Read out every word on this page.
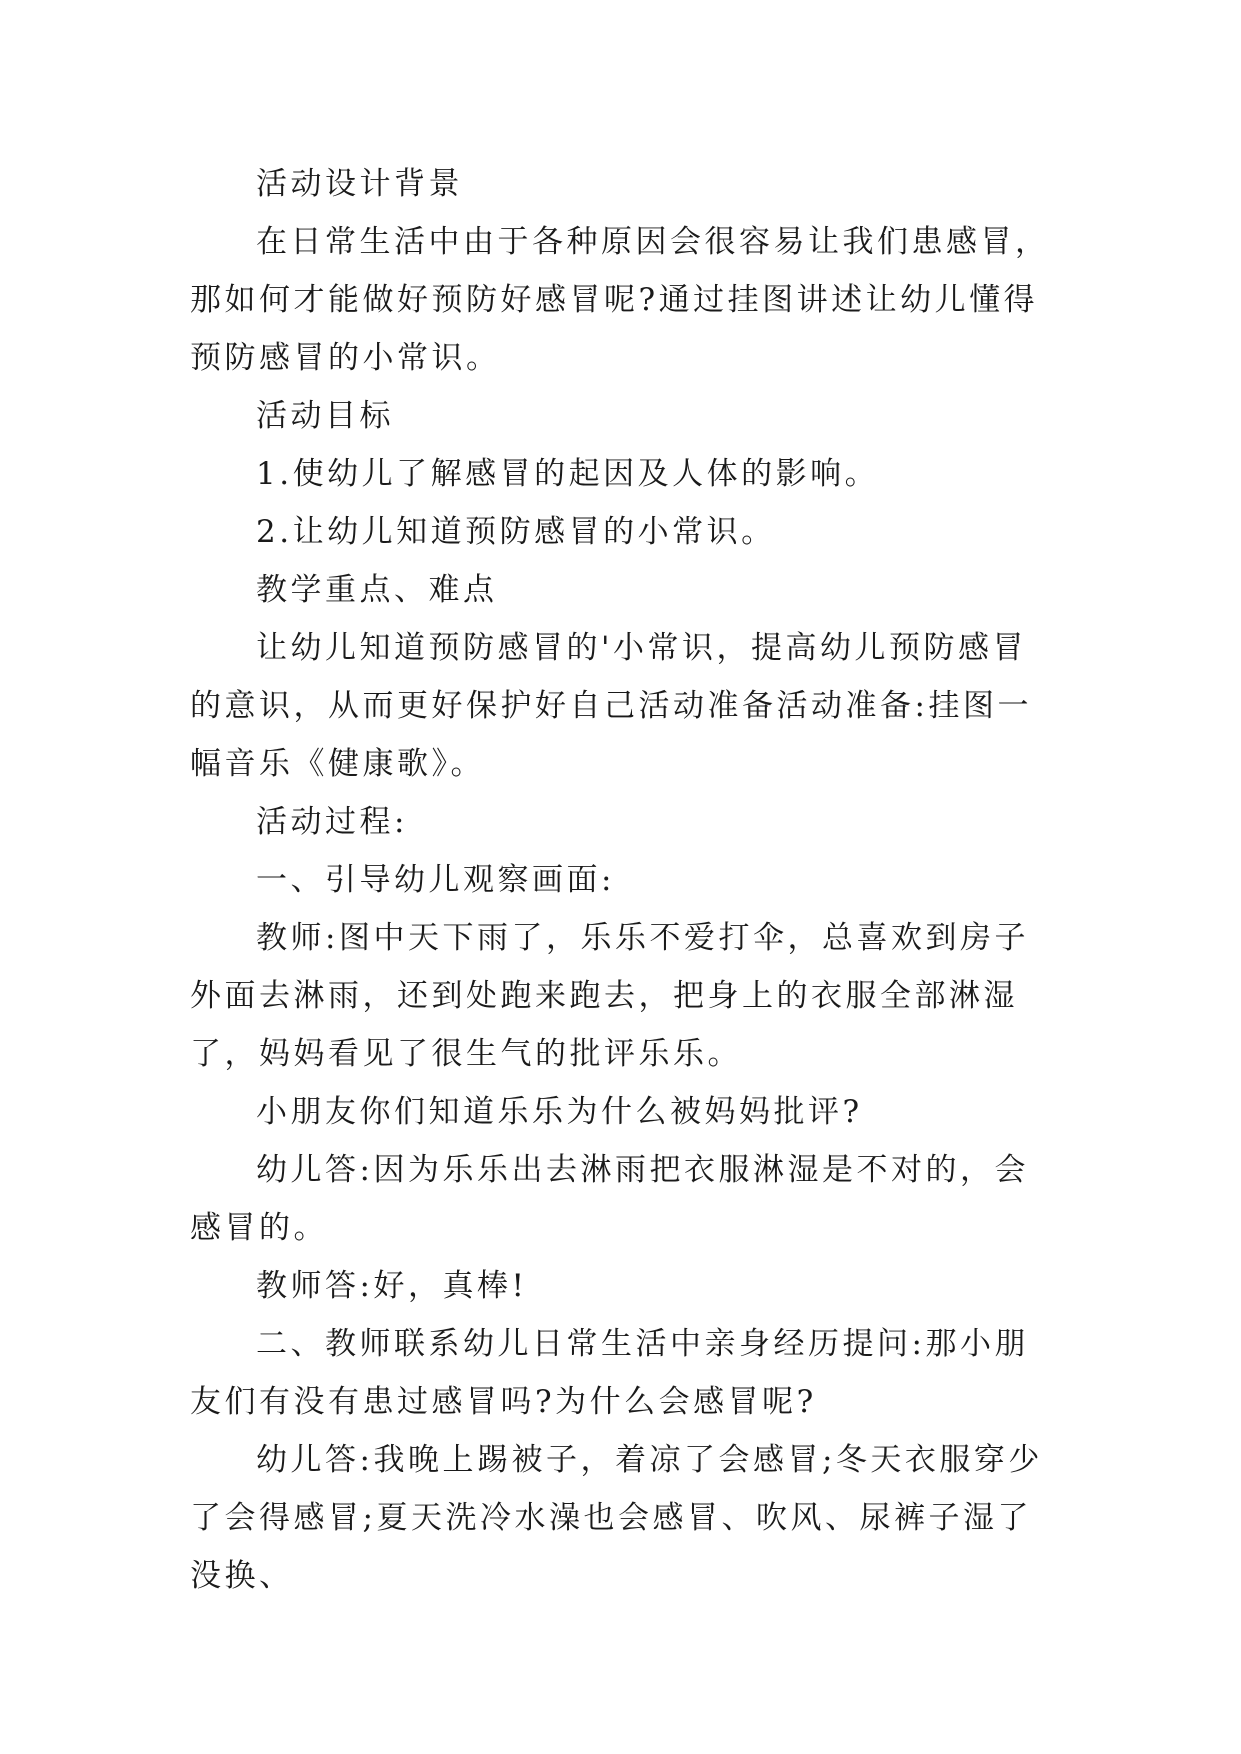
活动设计背景

在日常生活中由于各种原因会很容易让我们患感冒，那如何才能做好预防好感冒呢?通过挂图讲述让幼儿懂得预防感冒的小常识。

活动目标

1.使幼儿了解感冒的起因及人体的影响。

2.让幼儿知道预防感冒的小常识。

教学重点、难点

让幼儿知道预防感冒的'小常识，提高幼儿预防感冒的意识，从而更好保护好自己活动准备活动准备:挂图一幅音乐《健康歌》。

活动过程:

一、引导幼儿观察画面:

教师:图中天下雨了，乐乐不爱打伞，总喜欢到房子外面去淋雨，还到处跑来跑去，把身上的衣服全部淋湿了，妈妈看见了很生气的批评乐乐。

小朋友你们知道乐乐为什么被妈妈批评?

幼儿答:因为乐乐出去淋雨把衣服淋湿是不对的，会感冒的。

教师答:好，真棒!

二、教师联系幼儿日常生活中亲身经历提问:那小朋友们有没有患过感冒吗?为什么会感冒呢?

幼儿答:我晚上踢被子，着凉了会感冒;冬天衣服穿少了会得感冒;夏天洗冷水澡也会感冒、吹风、尿裤子湿了没换、
